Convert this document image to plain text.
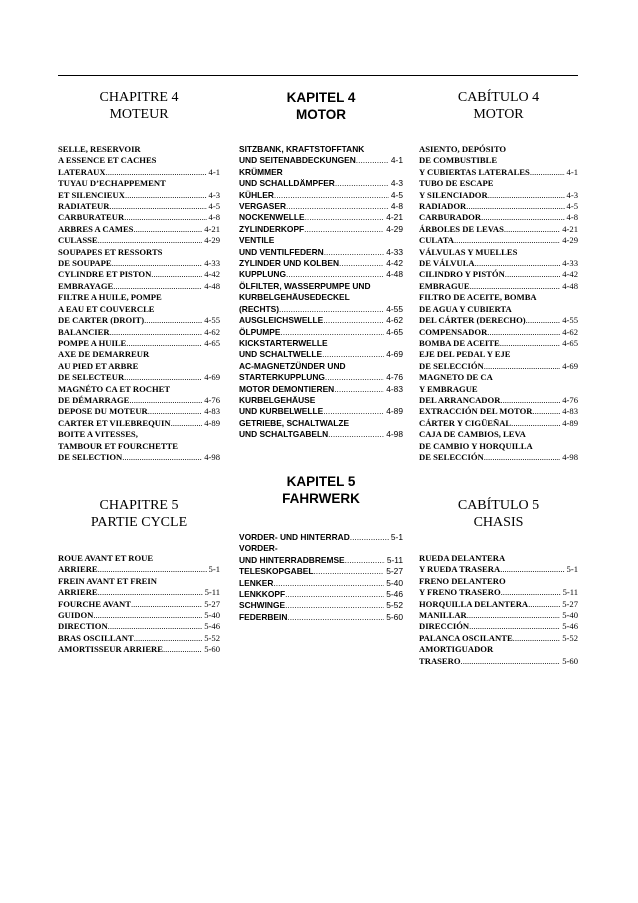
CHAPITRE 4
MOTEUR
SELLE, RESERVOIR
A ESSENCE ET CACHES
LATERAUX .....	4-1
TUYAU D’ECHAPPEMENT
ET SILENCIEUX .....	4-3
RADIATEUR .....	4-5
CARBURATEUR .....	4-8
ARBRES A CAMES .....	4-21
CULASSE .....	4-29
SOUPAPES ET RESSORTS
DE SOUPAPE .....	4-33
CYLINDRE ET PISTON .....	4-42
EMBRAYAGE .....	4-48
FILTRE A HUILE, POMPE
A EAU ET COUVERCLE
DE CARTER (DROIT) .....	4-55
BALANCIER .....	4-62
POMPE A HUILE .....	4-65
AXE DE DEMARREUR
AU PIED ET ARBRE
DE SELECTEUR .....	4-69
MAGNÉTO CA ET ROCHET
DE DÉMARRAGE .....	4-76
DEPOSE DU MOTEUR .....	4-83
CARTER ET VILEBREQUIN .....	4-89
BOITE A VITESSES,
TAMBOUR ET FOURCHETTE
DE SELECTION .....	4-98
CHAPITRE 5
PARTIE CYCLE
ROUE AVANT ET ROUE
ARRIERE .....	5-1
FREIN AVANT ET FREIN
ARRIERE .....	5-11
FOURCHE AVANT .....	5-27
GUIDON .....	5-40
DIRECTION .....	5-46
BRAS OSCILLANT .....	5-52
AMORTISSEUR ARRIERE .....	5-60
KAPITEL 4
MOTOR
SITZBANK, KRAFTSTOFFTANK
UND SEITENABDECKUNGEN .....	4-1
KRÜMMER
UND SCHALLDÄMPFER .....	4-3
KÜHLER .....	4-5
VERGASER .....	4-8
NOCKENWELLE .....	4-21
ZYLINDERKOPF .....	4-29
VENTILE
UND VENTILFEDERN .....	4-33
ZYLINDER UND KOLBEN .....	4-42
KUPPLUNG .....	4-48
ÖLFILTER, WASSERPUMPE UND
KURBELGEHÄUSEDECKEL
(RECHTS) .....	4-55
AUSGLEICHSWELLE .....	4-62
ÖLPUMPE .....	4-65
KICKSTARTERWELLE
UND SCHALTWELLE .....	4-69
AC-MAGNETZÜNDER UND
STARTERKUPPLUNG .....	4-76
MOTOR DEMONTIEREN .....	4-83
KURBELGEHÄUSE
UND KURBELWELLE .....	4-89
GETRIEBE, SCHALTWALZE
UND SCHALTGABELN .....	4-98
KAPITEL 5
FAHRWERK
VORDER- UND HINTERRAD .....	5-1
VORDER-
UND HINTERRADBREMSE .....	5-11
TELESKOPGABEL .....	5-27
LENKER .....	5-40
LENKKOPF .....	5-46
SCHWINGE .....	5-52
FEDERBEIN .....	5-60
CABÍTULO 4
MOTOR
ASIENTO, DEPÓSITO
DE COMBUSTIBLE
Y CUBIERTAS LATERALES .....	4-1
TUBO DE ESCAPE
Y SILENCIADOR .....	4-3
RADIADOR .....	4-5
CARBURADOR .....	4-8
ÁRBOLES DE LEVAS .....	4-21
CULATA .....	4-29
VÁLVULAS Y MUELLES
DE VÁLVULA .....	4-33
CILINDRO Y PISTÓN .....	4-42
EMBRAGUE .....	4-48
FILTRO DE ACEITE, BOMBA
DE AGUA Y CUBIERTA
DEL CÁRTER (DERECHO) .....	4-55
COMPENSADOR .....	4-62
BOMBA DE ACEITE .....	4-65
EJE DEL PEDAL Y EJE
DE SELECCIÓN .....	4-69
MAGNETO DE CA
Y EMBRAGUE
DEL ARRANCADOR .....	4-76
EXTRACCIÓN DEL MOTOR .....	4-83
CÁRTER Y CIGÜEÑAL .....	4-89
CAJA DE CAMBIOS, LEVA
DE CAMBIO Y HORQUILLA
DE SELECCIÓN .....	4-98
CABÍTULO 5
CHASIS
RUEDA DELANTERA
Y RUEDA TRASERA .....	5-1
FRENO DELANTERO
Y FRENO TRASERO .....	5-11
HORQUILLA DELANTERA .....	5-27
MANILLAR .....	5-40
DIRECCIÓN .....	5-46
PALANCA OSCILANTE .....	5-52
AMORTIGUADOR
TRASERO .....	5-60
